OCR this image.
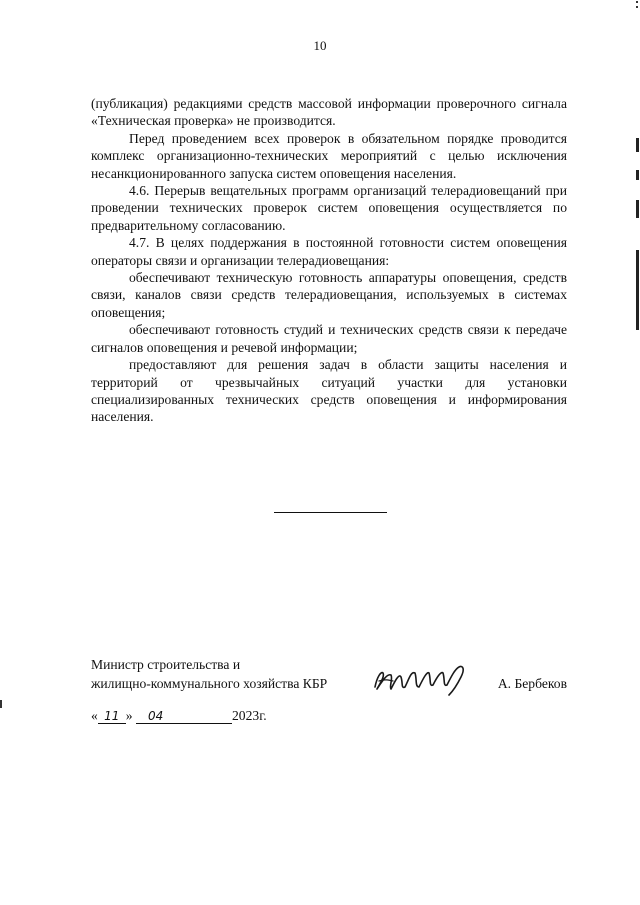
10

(публикация) редакциями средств массовой информации проверочного сигнала «Техническая проверка» не производится.

Перед проведением всех проверок в обязательном порядке проводится комплекс организационно-технических мероприятий с целью исключения несанкционированного запуска систем оповещения населения.

4.6. Перерыв вещательных программ организаций телерадиовещаний при проведении технических проверок систем оповещения осуществляется по предварительному согласованию.

4.7. В целях поддержания в постоянной готовности систем оповещения операторы связи и организации телерадиовещания:

обеспечивают техническую готовность аппаратуры оповещения, средств связи, каналов связи средств телерадиовещания, используемых в системах оповещения;

обеспечивают готовность студий и технических средств связи к передаче сигналов оповещения и речевой информации;

предоставляют для решения задач в области защиты населения и территорий от чрезвычайных ситуаций участки для установки специализированных технических средств оповещения и информирования населения.

Министр строительства и
жилищно-коммунального хозяйства КБР	А. Бербеков
« 11 » 04	2023г.
